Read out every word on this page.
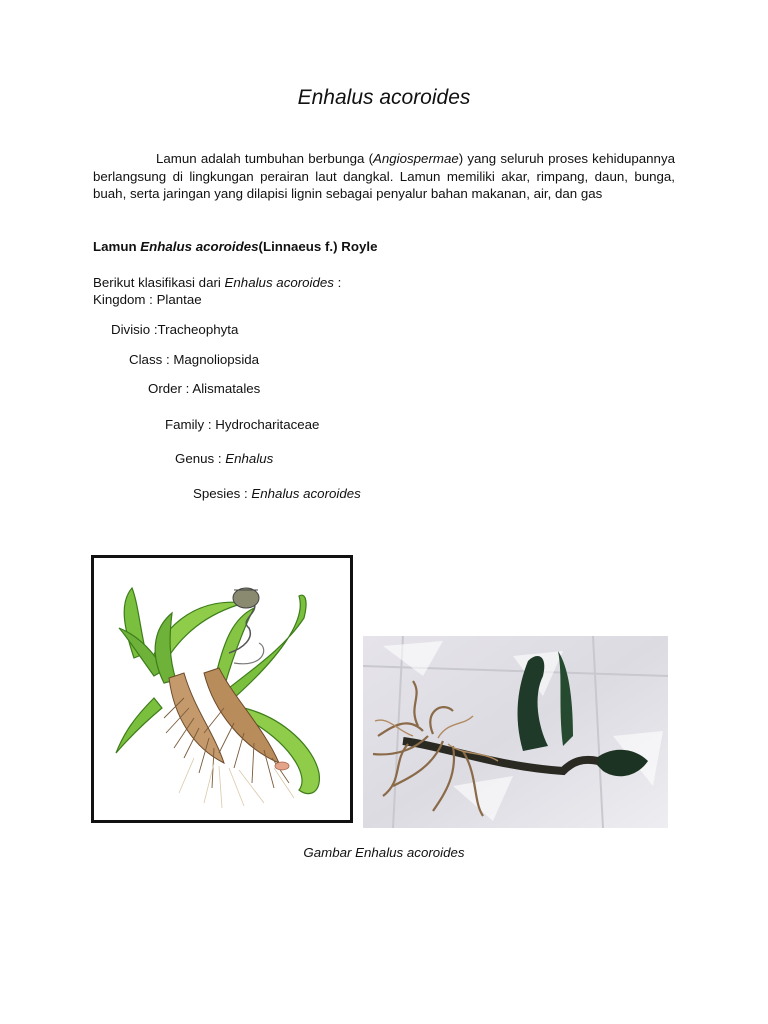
Enhalus acoroides
Lamun adalah tumbuhan berbunga (Angiospermae) yang seluruh proses kehidupannya berlangsung di lingkungan perairan laut dangkal. Lamun memiliki akar, rimpang, daun, bunga, buah, serta jaringan yang dilapisi lignin sebagai penyalur bahan makanan, air, dan gas
Lamun Enhalus acoroides(Linnaeus f.) Royle
Berikut klasifikasi dari Enhalus acoroides :
Kingdom : Plantae
Divisio :Tracheophyta
Class : Magnoliopsida
Order : Alismatales
Family : Hydrocharitaceae
Genus : Enhalus
Spesies : Enhalus acoroides
Gambar Enhalus acoroides
